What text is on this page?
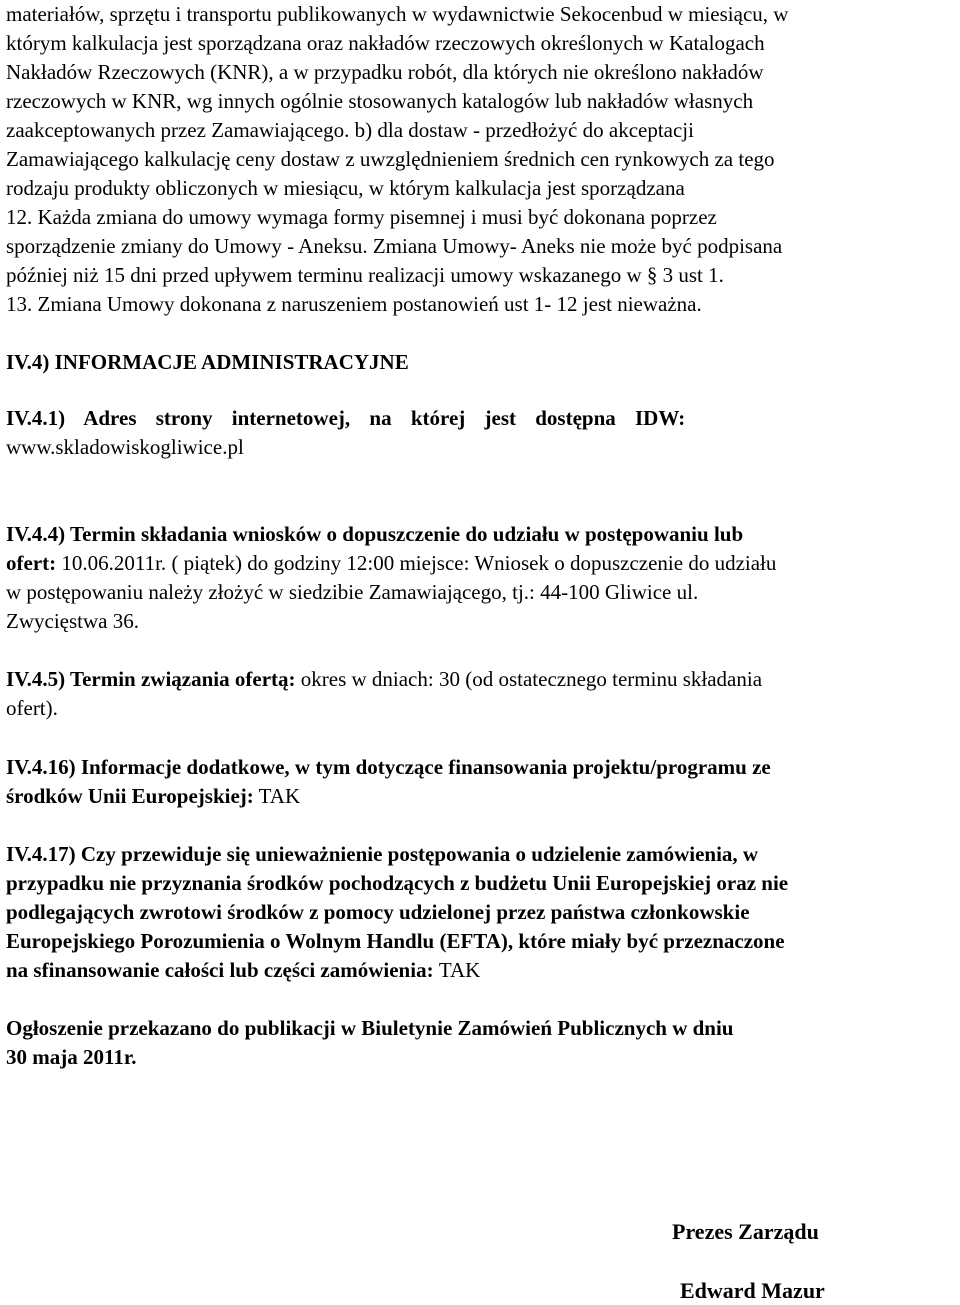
materiałów, sprzętu i transportu publikowanych w wydawnictwie Sekocenbud w miesiącu, w
którym kalkulacja jest sporządzana oraz nakładów rzeczowych określonych w Katalogach
Nakładów Rzeczowych (KNR), a w przypadku robót, dla których nie określono nakładów
rzeczowych w KNR, wg innych ogólnie stosowanych katalogów lub nakładów własnych
zaakceptowanych przez Zamawiającego. b) dla dostaw - przedłożyć do akceptacji
Zamawiającego kalkulację ceny dostaw z uwzględnieniem średnich cen rynkowych za tego
rodzaju produkty obliczonych w miesiącu, w którym kalkulacja jest sporządzana
12. Każda zmiana do umowy wymaga formy pisemnej i musi być dokonana poprzez
sporządzenie zmiany do Umowy - Aneksu. Zmiana Umowy- Aneks nie może być podpisana
później niż 15 dni przed upływem terminu realizacji umowy wskazanego w § 3 ust 1.
13. Zmiana Umowy dokonana z naruszeniem postanowień ust 1- 12 jest nieważna.
IV.4) INFORMACJE ADMINISTRACYJNE
IV.4.1) Adres strony internetowej, na której jest dostępna IDW:
www.skladowiskogliwice.pl
IV.4.4) Termin składania wniosków o dopuszczenie do udziału w postępowaniu lub
ofert: 10.06.2011r. ( piątek) do godziny 12:00 miejsce: Wniosek o dopuszczenie do udziału
w postępowaniu należy złożyć w siedzibie Zamawiającego, tj.: 44-100 Gliwice ul.
Zwycięstwa 36.
IV.4.5) Termin związania ofertą: okres w dniach: 30 (od ostatecznego terminu składania
ofert).
IV.4.16) Informacje dodatkowe, w tym dotyczące finansowania projektu/programu ze
środków Unii Europejskiej: TAK
IV.4.17) Czy przewiduje się unieważnienie postępowania o udzielenie zamówienia, w
przypadku nie przyznania środków pochodzących z budżetu Unii Europejskiej oraz nie
podlegających zwrotowi środków z pomocy udzielonej przez państwa członkowskie
Europejskiego Porozumienia o Wolnym Handlu (EFTA), które miały być przeznaczone
na sfinansowanie całości lub części zamówienia: TAK
Ogłoszenie przekazano do publikacji w Biuletynie Zamówień Publicznych w dniu
30 maja 2011r.
Prezes Zarządu
Edward Mazur
